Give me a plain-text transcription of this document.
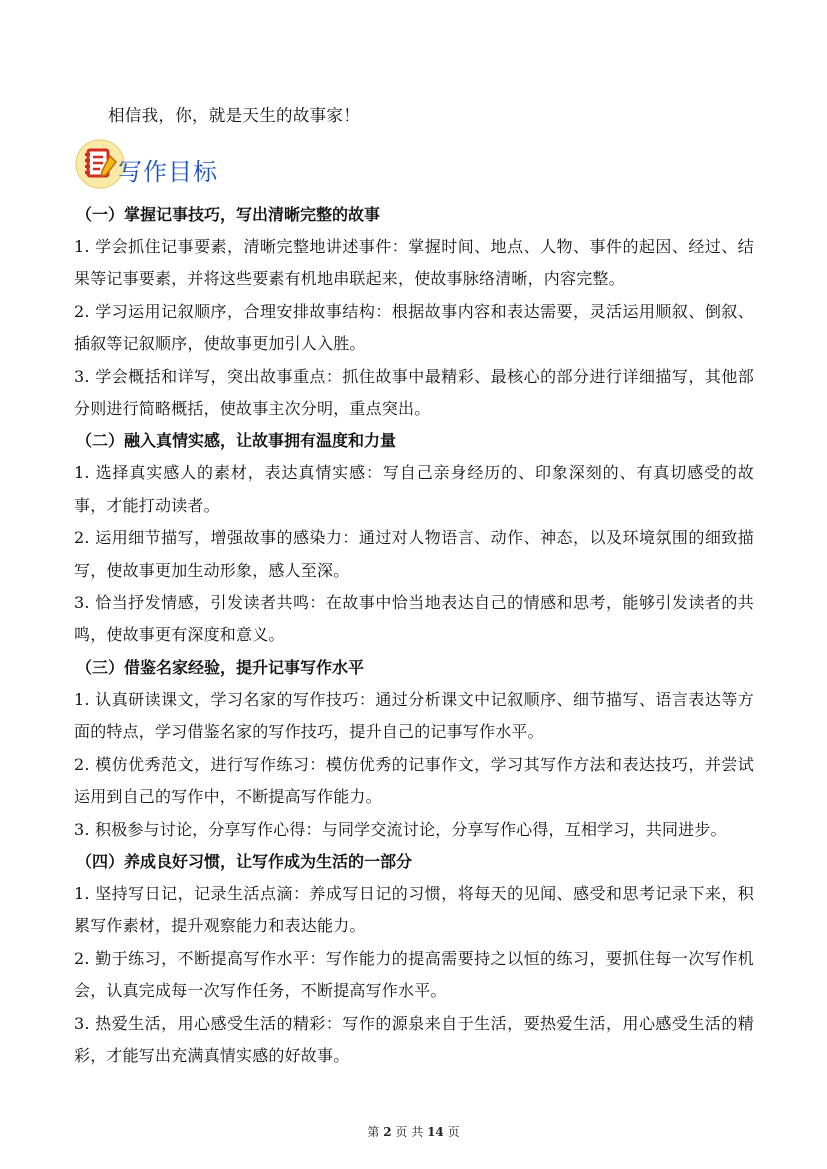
相信我，你，就是天生的故事家！
写作目标
（一）掌握记事技巧，写出清晰完整的故事

1. 学会抓住记事要素，清晰完整地讲述事件：掌握时间、地点、人物、事件的起因、经过、结果等记事要素，并将这些要素有机地串联起来，使故事脉络清晰，内容完整。

2. 学习运用记叙顺序，合理安排故事结构：根据故事内容和表达需要，灵活运用顺叙、倒叙、插叙等记叙顺序，使故事更加引人入胜。

3. 学会概括和详写，突出故事重点：抓住故事中最精彩、最核心的部分进行详细描写，其他部分则进行简略概括，使故事主次分明，重点突出。

（二）融入真情实感，让故事拥有温度和力量

1. 选择真实感人的素材，表达真情实感：写自己亲身经历的、印象深刻的、有真切感受的故事，才能打动读者。

2. 运用细节描写，增强故事的感染力：通过对人物语言、动作、神态，以及环境氛围的细致描写，使故事更加生动形象，感人至深。

3. 恰当抒发情感，引发读者共鸣：在故事中恰当地表达自己的情感和思考，能够引发读者的共鸣，使故事更有深度和意义。

（三）借鉴名家经验，提升记事写作水平

1. 认真研读课文，学习名家的写作技巧：通过分析课文中记叙顺序、细节描写、语言表达等方面的特点，学习借鉴名家的写作技巧，提升自己的记事写作水平。

2. 模仿优秀范文，进行写作练习：模仿优秀的记事作文，学习其写作方法和表达技巧，并尝试运用到自己的写作中，不断提高写作能力。

3. 积极参与讨论，分享写作心得：与同学交流讨论，分享写作心得，互相学习，共同进步。

（四）养成良好习惯，让写作成为生活的一部分

1. 坚持写日记，记录生活点滴：养成写日记的习惯，将每天的见闻、感受和思考记录下来，积累写作素材，提升观察能力和表达能力。

2. 勤于练习，不断提高写作水平：写作能力的提高需要持之以恒的练习，要抓住每一次写作机会，认真完成每一次写作任务，不断提高写作水平。

3. 热爱生活，用心感受生活的精彩：写作的源泉来自于生活，要热爱生活，用心感受生活的精彩，才能写出充满真情实感的好故事。

第 2 页 共 14 页
